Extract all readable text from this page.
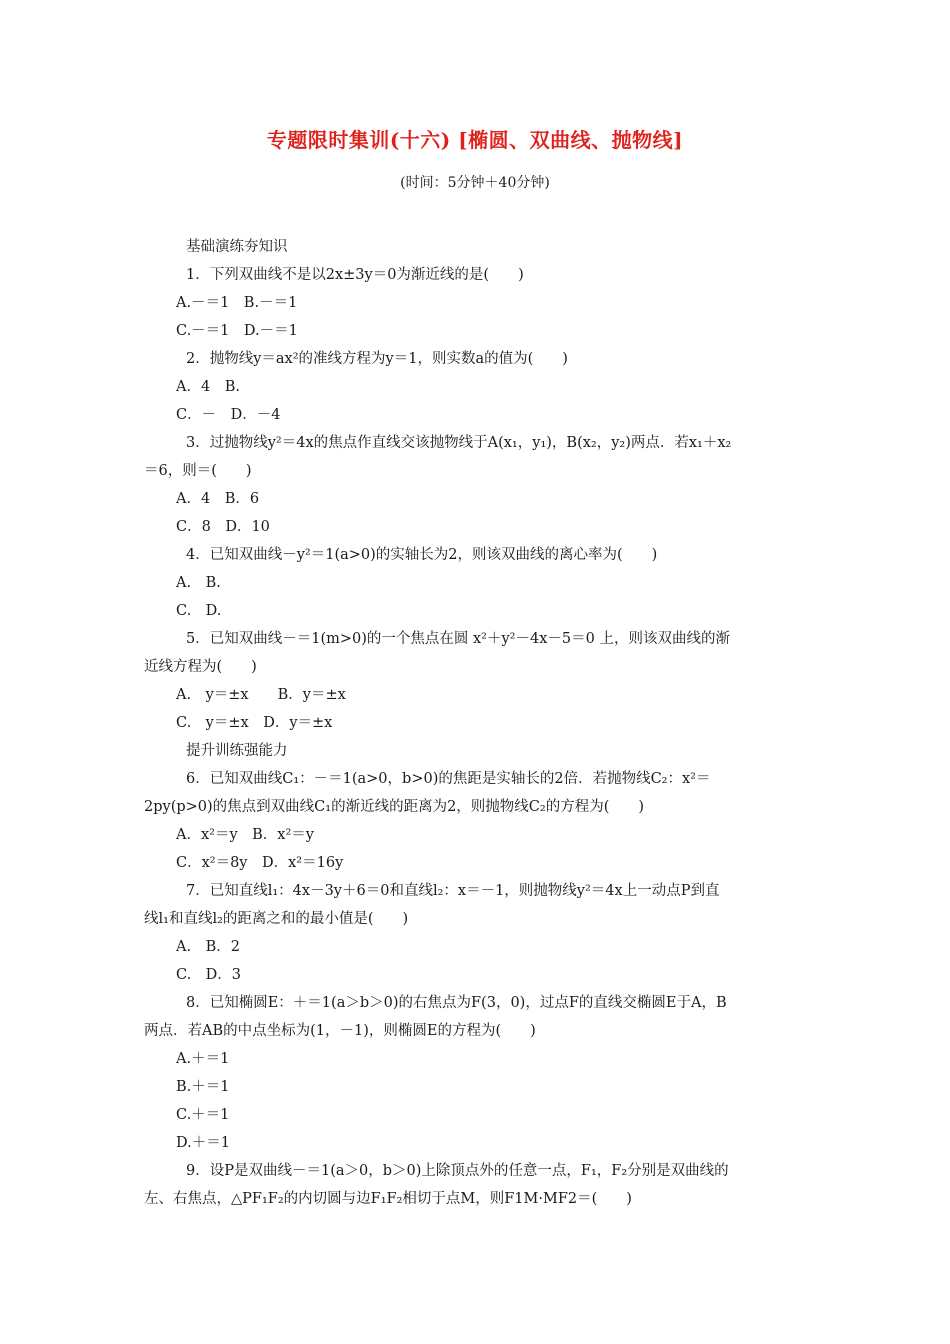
专题限时集训(十六) [椭圆、双曲线、抛物线]
(时间：5分钟＋40分钟)
基础演练夯知识
1．下列双曲线不是以2x±3y＝0为渐近线的是(　　)
A.－＝1　B.－＝1
C.－＝1　D.－＝1
2．抛物线y＝ax²的准线方程为y＝1，则实数a的值为(　　)
A．4　B.
C．－　D．－4
3．过抛物线y²＝4x的焦点作直线交该抛物线于A(x₁，y₁)，B(x₂，y₂)两点．若x₁＋x₂
＝6，则＝(　　)
A．4　B．6
C．8　D．10
4．已知双曲线－y²＝1(a>0)的实轴长为2，则该双曲线的离心率为(　　)
A.　B.
C.　D.
5．已知双曲线－＝1(m>0)的一个焦点在圆 x²＋y²－4x－5＝0 上，则该双曲线的渐
近线方程为(　　)
A.　y＝±x　　B．y＝±x
C.　y＝±x　D．y＝±x
提升训练强能力
6．已知双曲线C₁：－＝1(a>0，b>0)的焦距是实轴长的2倍．若抛物线C₂：x²＝
2py(p>0)的焦点到双曲线C₁的渐近线的距离为2，则抛物线C₂的方程为(　　)
A．x²＝y　B．x²＝y
C．x²＝8y　D．x²＝16y
7．已知直线l₁：4x－3y＋6＝0和直线l₂：x＝－1，则抛物线y²＝4x上一动点P到直
线l₁和直线l₂的距离之和的最小值是(　　)
A.　B．2
C.　D．3
8．已知椭圆E：＋＝1(a＞b＞0)的右焦点为F(3，0)，过点F的直线交椭圆E于A，B
两点．若AB的中点坐标为(1，－1)，则椭圆E的方程为(　　)
A.＋＝1
B.＋＝1
C.＋＝1
D.＋＝1
9．设P是双曲线－＝1(a＞0，b＞0)上除顶点外的任意一点，F₁，F₂分别是双曲线的
左、右焦点，△PF₁F₂的内切圆与边F₁F₂相切于点M，则F1M·MF2＝(　　)
